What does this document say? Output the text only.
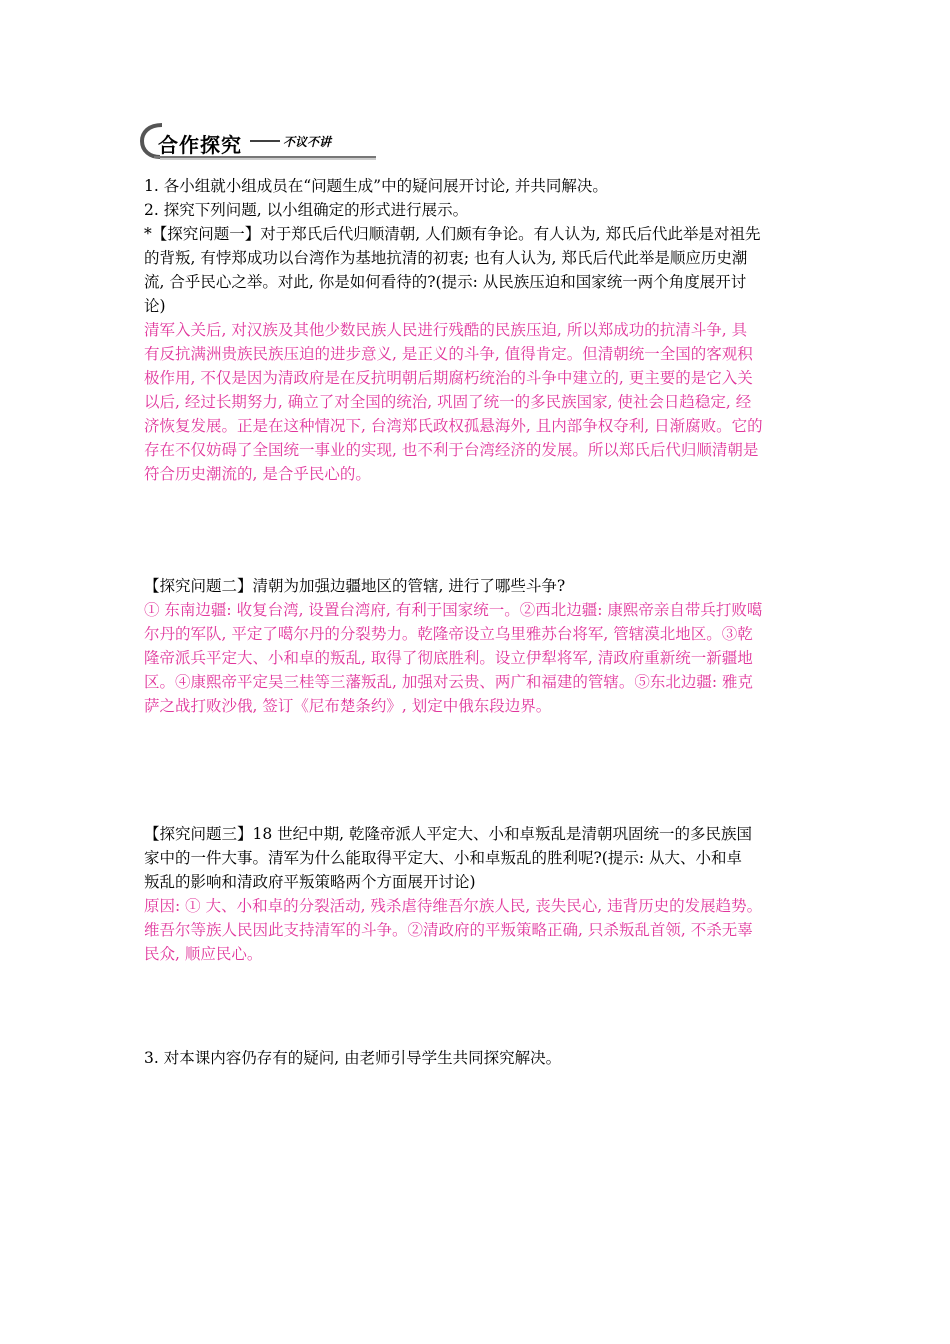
合作探究	不议不讲
1. 各小组就小组成员在“问题生成”中的疑问展开讨论, 并共同解决。
2. 探究下列问题, 以小组确定的形式进行展示。
*【探究问题一】对于郑氏后代归顺清朝, 人们颇有争论。有人认为, 郑氏后代此举是对祖先
的背叛, 有悖郑成功以台湾作为基地抗清的初衷; 也有人认为, 郑氏后代此举是顺应历史潮
流, 合乎民心之举。对此, 你是如何看待的?(提示: 从民族压迫和国家统一两个角度展开讨
论)
清军入关后, 对汉族及其他少数民族人民进行残酷的民族压迫, 所以郑成功的抗清斗争, 具
有反抗满洲贵族民族压迫的进步意义, 是正义的斗争, 值得肯定。但清朝统一全国的客观积
极作用, 不仅是因为清政府是在反抗明朝后期腐朽统治的斗争中建立的, 更主要的是它入关
以后, 经过长期努力, 确立了对全国的统治, 巩固了统一的多民族国家, 使社会日趋稳定, 经
济恢复发展。正是在这种情况下, 台湾郑氏政权孤悬海外, 且内部争权夺利, 日渐腐败。它的
存在不仅妨碍了全国统一事业的实现, 也不利于台湾经济的发展。所以郑氏后代归顺清朝是
符合历史潮流的, 是合乎民心的。
【探究问题二】清朝为加强边疆地区的管辖, 进行了哪些斗争?
① 东南边疆: 收复台湾, 设置台湾府, 有利于国家统一。②西北边疆: 康熙帝亲自带兵打败噶
尔丹的军队, 平定了噶尔丹的分裂势力。乾隆帝设立乌里雅苏台将军, 管辖漠北地区。③乾
隆帝派兵平定大、小和卓的叛乱, 取得了彻底胜利。设立伊犁将军, 清政府重新统一新疆地
区。④康熙帝平定吴三桂等三藩叛乱, 加强对云贵、两广和福建的管辖。⑤东北边疆: 雅克
萨之战打败沙俄, 签订《尼布楚条约》, 划定中俄东段边界。
【探究问题三】18 世纪中期, 乾隆帝派人平定大、小和卓叛乱是清朝巩固统一的多民族国
家中的一件大事。清军为什么能取得平定大、小和卓叛乱的胜利呢?(提示: 从大、小和卓
叛乱的影响和清政府平叛策略两个方面展开讨论)
原因: ① 大、小和卓的分裂活动, 残杀虐待维吾尔族人民, 丧失民心, 违背历史的发展趋势。
维吾尔等族人民因此支持清军的斗争。②清政府的平叛策略正确, 只杀叛乱首领, 不杀无辜
民众, 顺应民心。
3. 对本课内容仍存有的疑问, 由老师引导学生共同探究解决。
